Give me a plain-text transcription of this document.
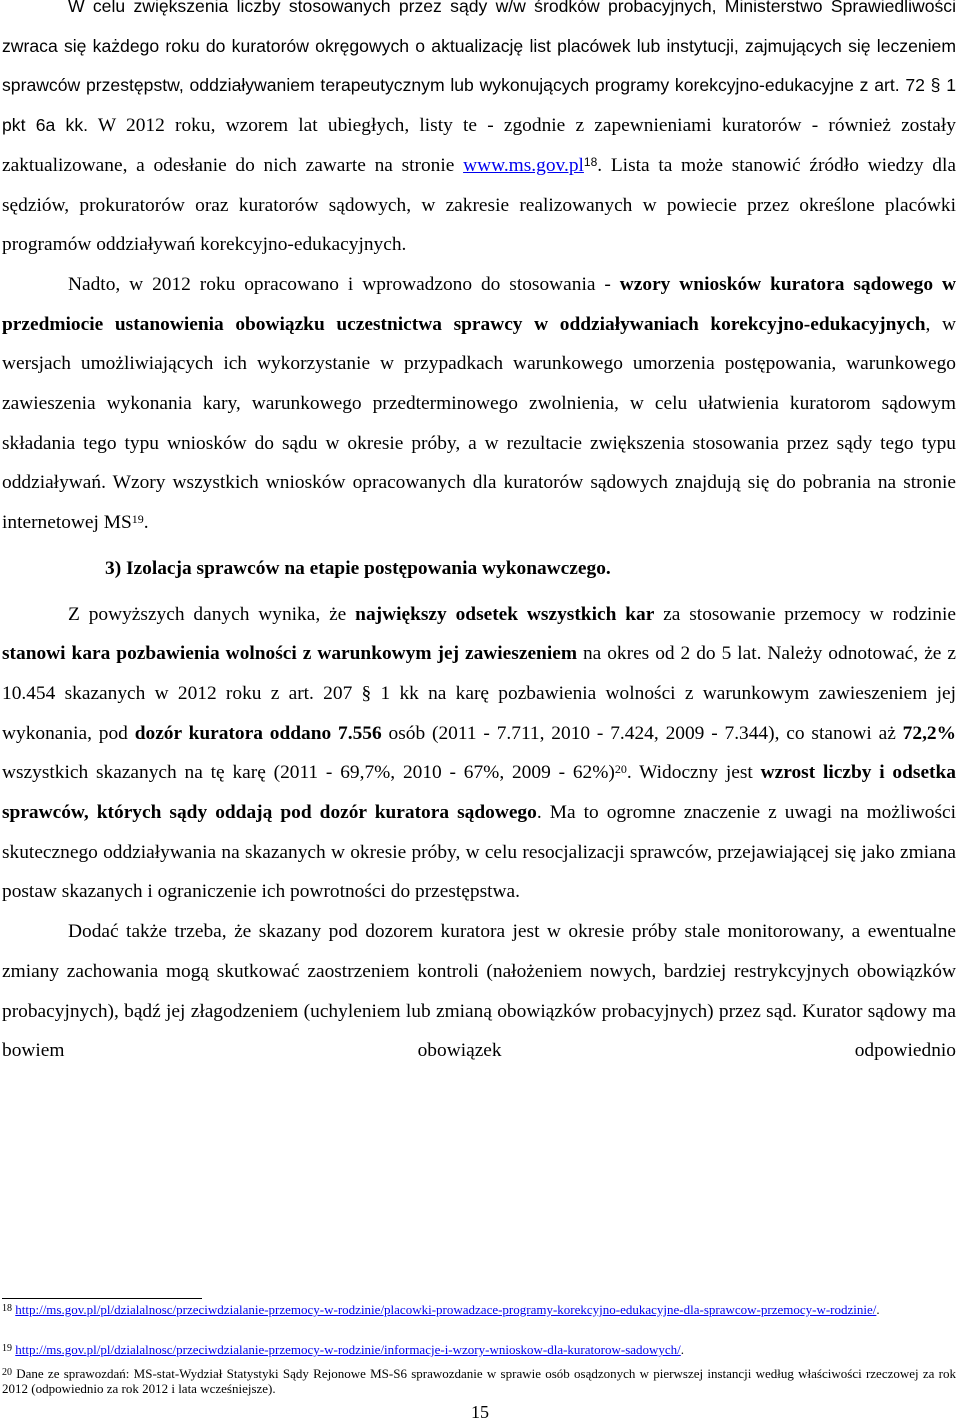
W celu zwiększenia liczby stosowanych przez sądy w/w środków probacyjnych, Ministerstwo Sprawiedliwości zwraca się każdego roku do kuratorów okręgowych o aktualizację list placówek lub instytucji, zajmujących się leczeniem sprawców przestępstw, oddziaływaniem terapeutycznym lub wykonujących programy korekcyjno-edukacyjne z art. 72 § 1 pkt 6a kk. W 2012 roku, wzorem lat ubiegłych, listy te - zgodnie z zapewnieniami kuratorów - również zostały zaktualizowane, a odesłanie do nich zawarte na stronie $www.ms.gov.pl^{18}$. Lista ta może stanowić źródło wiedzy dla sędziów, prokuratorów oraz kuratorów sądowych, w zakresie realizowanych w powiecie przez określone placówki programów oddziaływań korekcyjno-edukacyjnych.

Nadto, w 2012 roku opracowano i wprowadzono do stosowania - wzory wniosków kuratora sądowego w przedmiocie ustanowienia obowiązku uczestnictwa sprawcy w oddziaływaniach korekcyjno-edukacyjnych, w wersjach umożliwiających ich wykorzystanie w przypadkach warunkowego umorzenia postępowania, warunkowego zawieszenia wykonania kary, warunkowego przedterminowego zwolnienia, w celu ułatwienia kuratorom sądowym składania tego typu wniosków do sądu w okresie próby, a w rezultacie zwiększenia stosowania przez sądy tego typu oddziaływań. Wzory wszystkich wniosków opracowanych dla kuratorów sądowych znajdują się do pobrania na stronie internetowej MS$^{19}$.

3) Izolacja sprawców na etapie postępowania wykonawczego.

Z powyższych danych wynika, że największy odsetek wszystkich kar za stosowanie przemocy w rodzinie stanowi kara pozbawienia wolności z warunkowym jej zawieszeniem na okres od 2 do 5 lat. Należy odnotować, że z 10.454 skazanych w 2012 roku z art. 207 § 1 kk na karę pozbawienia wolności z warunkowym zawieszeniem jej wykonania, pod dozór kuratora oddano 7.556 osób (2011 - 7.711, 2010 - 7.424, 2009 - 7.344), co stanowi aż 72,2% wszystkich skazanych na tę karę (2011 - 69,7%, 2010 - 67%, 2009 - 62%)$^{20}$. Widoczny jest wzrost liczby i odsetka sprawców, których sądy oddają pod dozór kuratora sądowego. Ma to ogromne znaczenie z uwagi na możliwości skutecznego oddziaływania na skazanych w okresie próby, w celu resocjalizacji sprawców, przejawiającej się jako zmiana postaw skazanych i ograniczenie ich powrotności do przestępstwa.

Dodać także trzeba, że skazany pod dozorem kuratora jest w okresie próby stale monitorowany, a ewentualne zmiany zachowania mogą skutkować zaostrzeniem kontroli (nałożeniem nowych, bardziej restrykcyjnych obowiązków probacyjnych), bądź jej złagodzeniem (uchyleniem lub zmianą obowiązków probacyjnych) przez sąd. Kurator sądowy ma bowiem obowiązek odpowiednio

$^{18}$ http://ms.gov.pl/pl/dzialalnosc/przeciwdzialanie-przemocy-w-rodzinie/placowki-prowadzace-programy-korekcyjno-edukacyjne-dla-sprawcow-przemocy-w-rodzinie/.
$^{19}$ http://ms.gov.pl/pl/dzialalnosc/przeciwdzialanie-przemocy-w-rodzinie/informacje-i-wzory-wnioskow-dla-kuratorow-sadowych/.
$^{20}$ Dane ze sprawozdań: MS-stat-Wydział Statystyki Sądy Rejonowe MS-S6 sprawozdanie w sprawie osób osądzonych w pierwszej instancji według właściwości rzeczowej za rok 2012 (odpowiednio za rok 2012 i lata wcześniejsze).
15
